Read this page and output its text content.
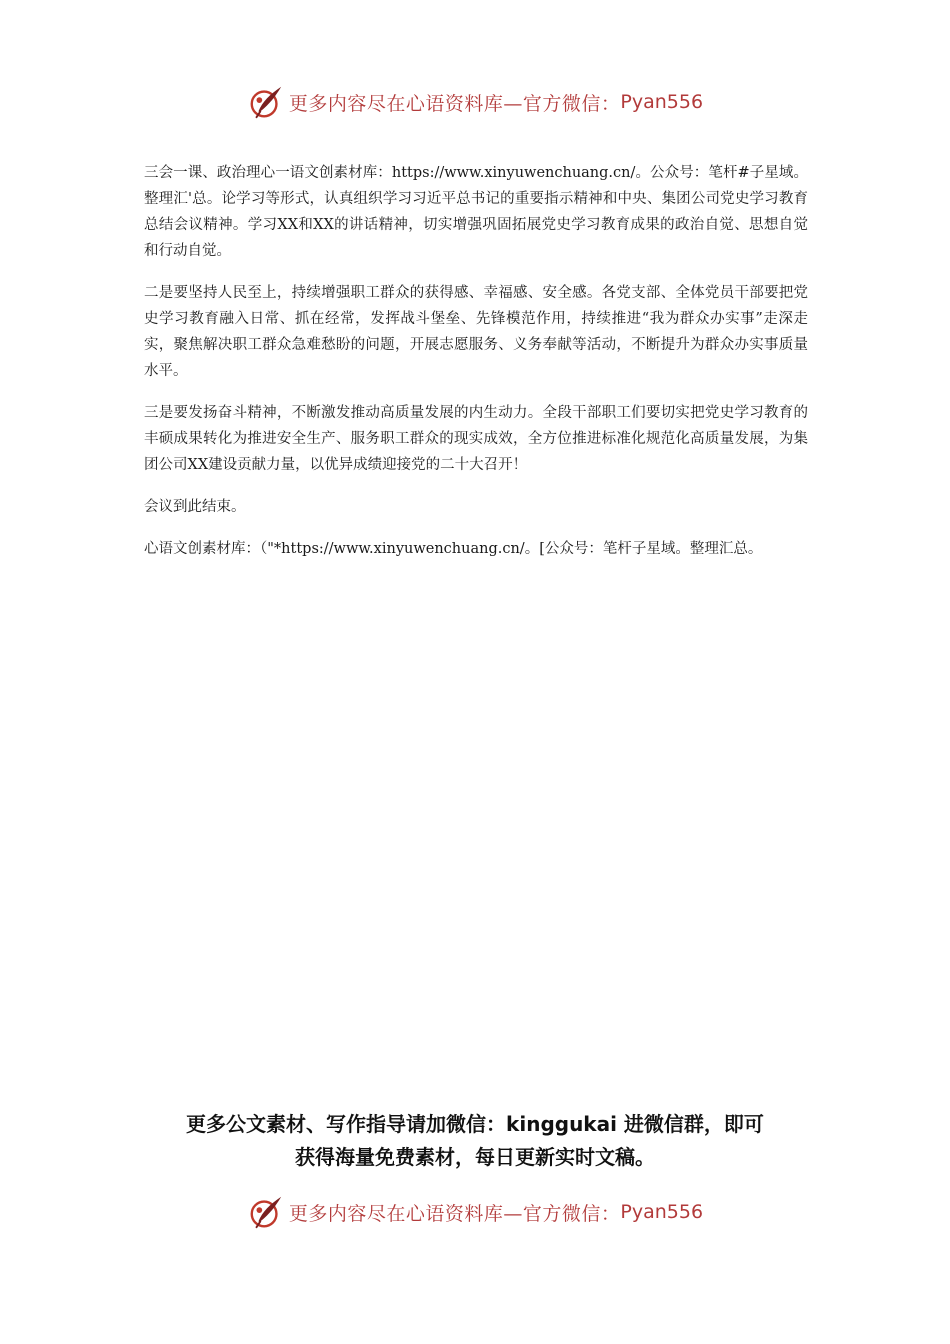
更多内容尽在心语资料库—官方微信： Pyan556

三会一课、政治理心一语文创素材库：https://www.xinyuwenchuang.cn/。公众号：笔杆#子星域。整理汇'总。论学习等形式，认真组织学习习近平总书记的重要指示精神和中央、集团公司党史学习教育总结会议精神。学习XX和XX的讲话精神，切实增强巩固拓展党史学习教育成果的政治自觉、思想自觉和行动自觉。

二是要坚持人民至上，持续增强职工群众的获得感、幸福感、安全感。各党支部、全体党员干部要把党史学习教育融入日常、抓在经常，发挥战斗堡垒、先锋模范作用，持续推进“我为群众办实事”走深走实，聚焦解决职工群众急难愁盼的问题，开展志愿服务、义务奉献等活动，不断提升为群众办实事质量水平。

三是要发扬奋斗精神，不断激发推动高质量发展的内生动力。全段干部职工们要切实把党史学习教育的丰硕成果转化为推进安全生产、服务职工群众的现实成效，全方位推进标准化规范化高质量发展，为集团公司XX建设贡献力量，以优异成绩迎接党的二十大召开！

会议到此结束。

心语文创素材库：（"*https://www.xinyuwenchuang.cn/。[公众号：笔杆子星域。整理汇总。

更多公文素材、写作指导请加微信：kinggukai 进微信群，即可
获得海量免费素材，每日更新实时文稿。
更多内容尽在心语资料库—官方微信： Pyan556
